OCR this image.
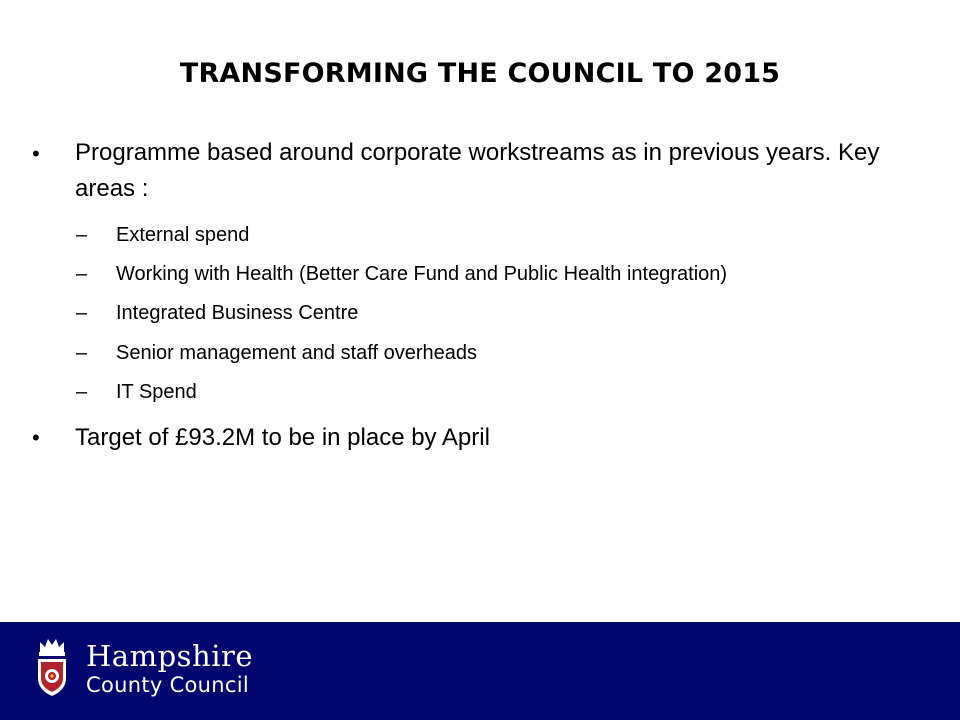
TRANSFORMING THE COUNCIL TO 2015
• Programme based around corporate workstreams as in previous years. Key areas :
– External spend
– Working with Health (Better Care Fund and Public Health integration)
– Integrated Business Centre
– Senior management and staff overheads
– IT Spend
• Target of £93.2M to be in place by April
Hampshire
County Council
